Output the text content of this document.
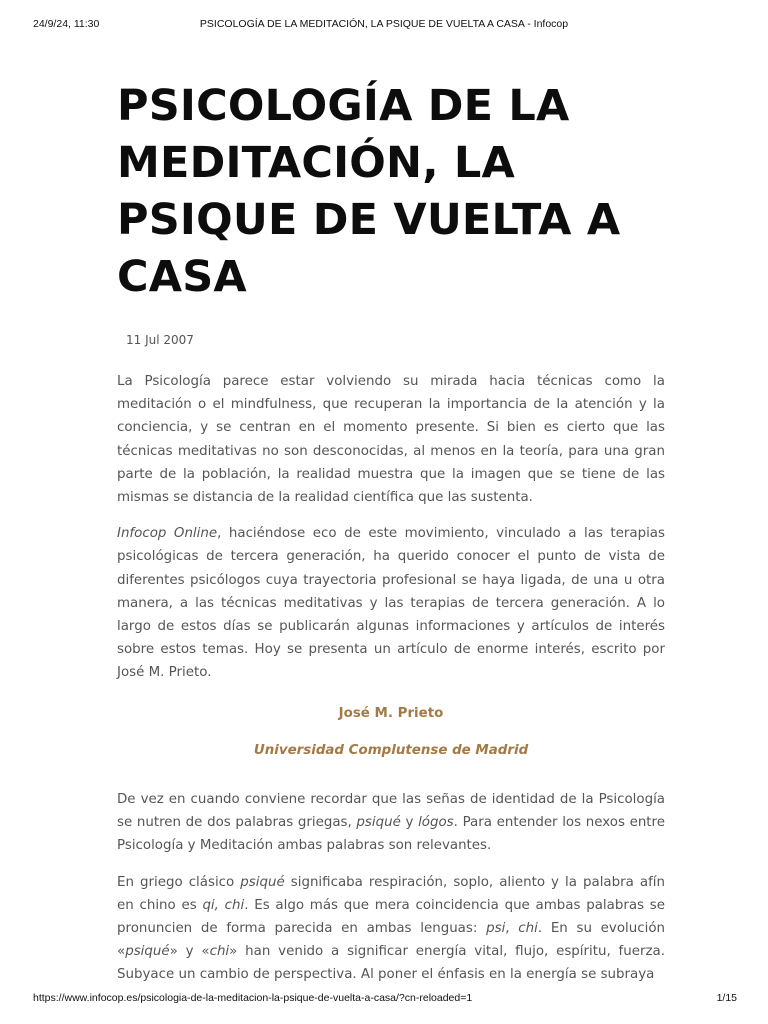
24/9/24, 11:30	PSICOLOGÍA DE LA MEDITACIÓN, LA PSIQUE DE VUELTA A CASA - Infocop
PSICOLOGÍA DE LA
MEDITACIÓN, LA
PSIQUE DE VUELTA A
CASA

11 Jul 2007

La Psicología parece estar volviendo su mirada hacia técnicas como la meditación o el mindfulness, que recuperan la importancia de la atención y la conciencia, y se centran en el momento presente. Si bien es cierto que las técnicas meditativas no son desconocidas, al menos en la teoría, para una gran parte de la población, la realidad muestra que la imagen que se tiene de las mismas se distancia de la realidad científica que las sustenta.

Infocop Online, haciéndose eco de este movimiento, vinculado a las terapias psicológicas de tercera generación, ha querido conocer el punto de vista de diferentes psicólogos cuya trayectoria profesional se haya ligada, de una u otra manera, a las técnicas meditativas y las terapias de tercera generación. A lo largo de estos días se publicarán algunas informaciones y artículos de interés sobre estos temas. Hoy se presenta un artículo de enorme interés, escrito por José M. Prieto.

José M. Prieto

Universidad Complutense de Madrid

De vez en cuando conviene recordar que las señas de identidad de la Psicología se nutren de dos palabras griegas, psiqué y lógos. Para entender los nexos entre Psicología y Meditación ambas palabras son relevantes.

En griego clásico psiqué significaba respiración, soplo, aliento y la palabra afín en chino es qi, chi. Es algo más que mera coincidencia que ambas palabras se pronuncien de forma parecida en ambas lenguas: psi, chi. En su evolución «psiqué» y «chi» han venido a significar energía vital, flujo, espíritu, fuerza. Subyace un cambio de perspectiva. Al poner el énfasis en la energía se subraya

https://www.infocop.es/psicologia-de-la-meditacion-la-psique-de-vuelta-a-casa/?cn-reloaded=1	1/15
